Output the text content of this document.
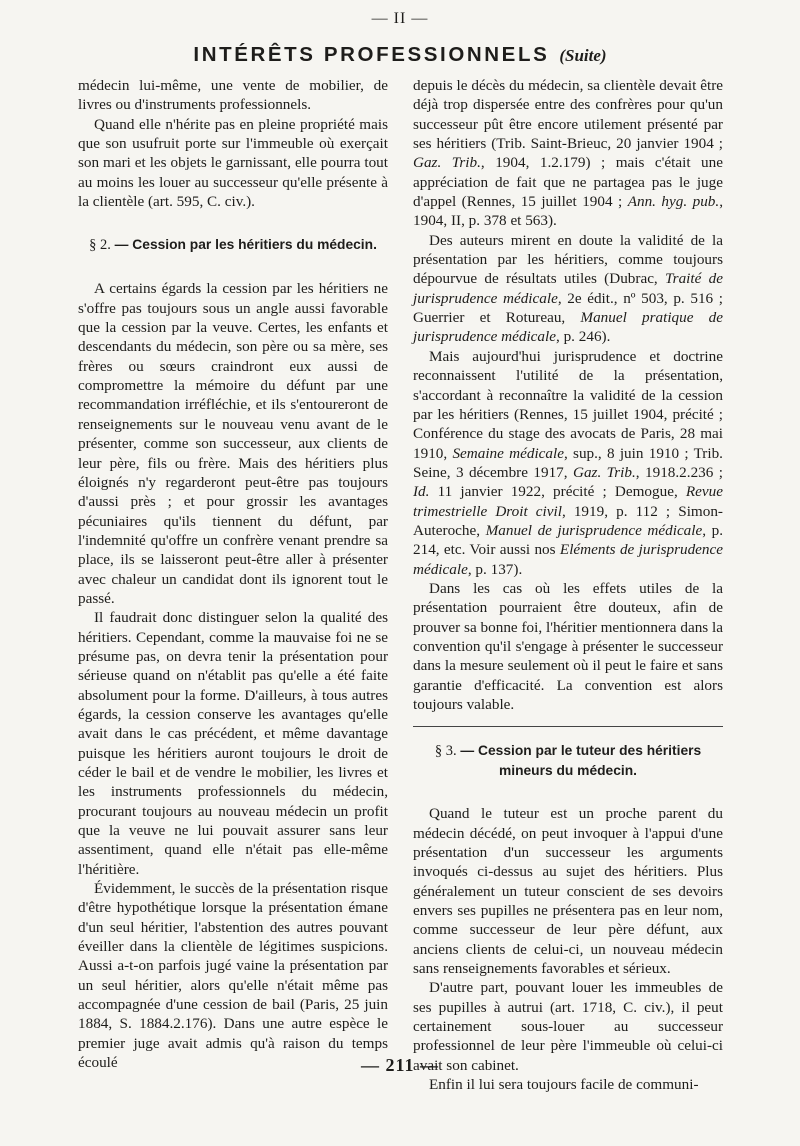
— II —
INTÉRÊTS PROFESSIONNELS (Suite)

médecin lui-même, une vente de mobilier, de livres ou d'instruments professionnels.

Quand elle n'hérite pas en pleine propriété mais que son usufruit porte sur l'immeuble où exerçait son mari et les objets le garnissant, elle pourra tout au moins les louer au successeur qu'elle présente à la clientèle (art. 595, C. civ.).

§ 2. — Cession par les héritiers du médecin.

A certains égards la cession par les héritiers ne s'offre pas toujours sous un angle aussi favorable que la cession par la veuve. Certes, les enfants et descendants du médecin, son père ou sa mère, ses frères ou sœurs craindront eux aussi de compromettre la mémoire du défunt par une recommandation irréfléchie, et ils s'entoureront de renseignements sur le nouveau venu avant de le présenter, comme son successeur, aux clients de leur père, fils ou frère. Mais des héritiers plus éloignés n'y regarderont peut-être pas toujours d'aussi près ; et pour grossir les avantages pécuniaires qu'ils tiennent du défunt, par l'indemnité qu'offre un confrère venant prendre sa place, ils se laisseront peut-être aller à présenter avec chaleur un candidat dont ils ignorent tout le passé.

Il faudrait donc distinguer selon la qualité des héritiers. Cependant, comme la mauvaise foi ne se présume pas, on devra tenir la présentation pour sérieuse quand on n'établit pas qu'elle a été faite absolument pour la forme. D'ailleurs, à tous autres égards, la cession conserve les avantages qu'elle avait dans le cas précédent, et même davantage puisque les héritiers auront toujours le droit de céder le bail et de vendre le mobilier, les livres et les instruments professionnels du médecin, procurant toujours au nouveau médecin un profit que la veuve ne lui pouvait assurer sans leur assentiment, quand elle n'était pas elle-même l'héritière.

Évidemment, le succès de la présentation risque d'être hypothétique lorsque la présentation émane d'un seul héritier, l'abstention des autres pouvant éveiller dans la clientèle de légitimes suspicions. Aussi a-t-on parfois jugé vaine la présentation par un seul héritier, alors qu'elle n'était même pas accompagnée d'une cession de bail (Paris, 25 juin 1884, S. 1884.2.176). Dans une autre espèce le premier juge avait admis qu'à raison du temps écoulé

depuis le décès du médecin, sa clientèle devait être déjà trop dispersée entre des confrères pour qu'un successeur pût être encore utilement présenté par ses héritiers (Trib. Saint-Brieuc, 20 janvier 1904 ; Gaz. Trib., 1904, 1.2.179) ; mais c'était une appréciation de fait que ne partagea pas le juge d'appel (Rennes, 15 juillet 1904 ; Ann. hyg. pub., 1904, II, p. 378 et 563).

Des auteurs mirent en doute la validité de la présentation par les héritiers, comme toujours dépourvue de résultats utiles (Dubrac, Traité de jurisprudence médicale, 2e édit., nº 503, p. 516 ; Guerrier et Rotureau, Manuel pratique de jurisprudence médicale, p. 246).

Mais aujourd'hui jurisprudence et doctrine reconnaissent l'utilité de la présentation, s'accordant à reconnaître la validité de la cession par les héritiers (Rennes, 15 juillet 1904, précité ; Conférence du stage des avocats de Paris, 28 mai 1910, Semaine médicale, sup., 8 juin 1910 ; Trib. Seine, 3 décembre 1917, Gaz. Trib., 1918.2.236 ; Id. 11 janvier 1922, précité ; Demogue, Revue trimestrielle Droit civil, 1919, p. 112 ; Simon-Auteroche, Manuel de jurisprudence médicale, p. 214, etc. Voir aussi nos Eléments de jurisprudence médicale, p. 137).

Dans les cas où les effets utiles de la présentation pourraient être douteux, afin de prouver sa bonne foi, l'héritier mentionnera dans la convention qu'il s'engage à présenter le successeur dans la mesure seulement où il peut le faire et sans garantie d'efficacité. La convention est alors toujours valable.

§ 3. — Cession par le tuteur des héritiers mineurs du médecin.

Quand le tuteur est un proche parent du médecin décédé, on peut invoquer à l'appui d'une présentation d'un successeur les arguments invoqués ci-dessus au sujet des héritiers. Plus généralement un tuteur conscient de ses devoirs envers ses pupilles ne présentera pas en leur nom, comme successeur de leur père défunt, aux anciens clients de celui-ci, un nouveau médecin sans renseignements favorables et sérieux.

D'autre part, pouvant louer les immeubles de ses pupilles à autrui (art. 1718, C. civ.), il peut certainement sous-louer au successeur professionnel de leur père l'immeuble où celui-ci avait son cabinet.

Enfin il lui sera toujours facile de communi-

— 211 —
